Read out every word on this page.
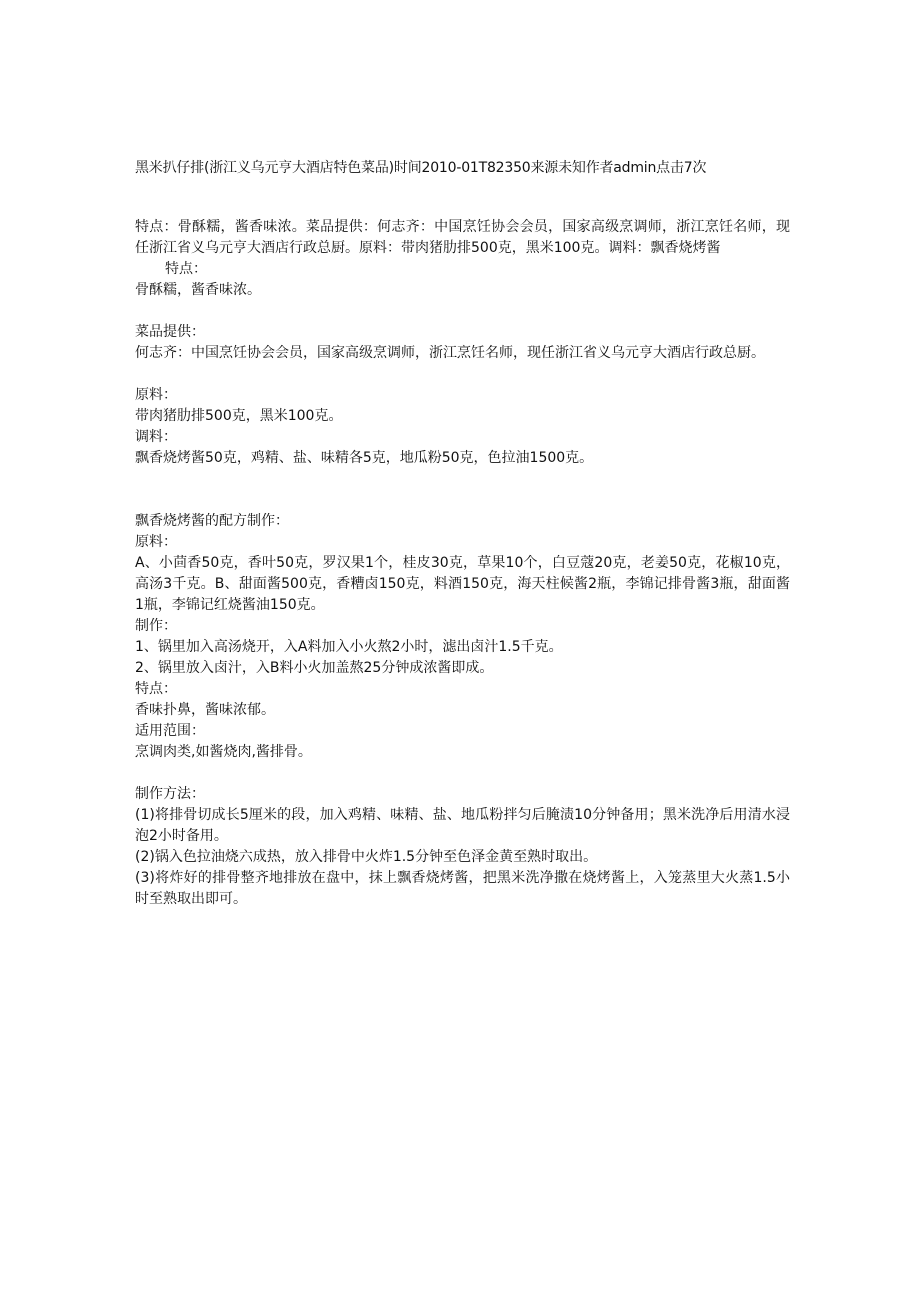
黑米扒仔排(浙江义乌元亨大酒店特色菜品)时间2010-01T82350来源未知作者admin点击7次

特点：骨酥糯，酱香味浓。菜品提供：何志齐：中国烹饪协会会员，国家高级烹调师，浙江烹饪名师，现任浙江省义乌元亨大酒店行政总厨。原料：带肉猪肋排500克，黑米100克。调料：飘香烧烤酱

特点：

骨酥糯，酱香味浓。

菜品提供：

何志齐：中国烹饪协会会员，国家高级烹调师，浙江烹饪名师，现任浙江省义乌元亨大酒店行政总厨。

原料：

带肉猪肋排500克，黑米100克。

调料：

飘香烧烤酱50克，鸡精、盐、味精各5克，地瓜粉50克，色拉油1500克。

飘香烧烤酱的配方制作：

原料：

A、小茴香50克，香叶50克，罗汉果1个，桂皮30克，草果10个，白豆蔻20克，老姜50克，花椒10克，高汤3千克。B、甜面酱500克，香糟卤150克，料酒150克，海天柱候酱2瓶，李锦记排骨酱3瓶，甜面酱1瓶，李锦记红烧酱油150克。

制作：

1、锅里加入高汤烧开，入A料加入小火熬2小时，滤出卤汁1.5千克。

2、锅里放入卤汁，入B料小火加盖熬25分钟成浓酱即成。

特点：

香味扑鼻，酱味浓郁。

适用范围：

烹调肉类,如酱烧肉,酱排骨。

制作方法：

(1)将排骨切成长5厘米的段，加入鸡精、味精、盐、地瓜粉拌匀后腌渍10分钟备用；黑米洗净后用清水浸泡2小时备用。

(2)锅入色拉油烧六成热，放入排骨中火炸1.5分钟至色泽金黄至熟时取出。

(3)将炸好的排骨整齐地排放在盘中，抹上飘香烧烤酱，把黑米洗净撒在烧烤酱上，入笼蒸里大火蒸1.5小时至熟取出即可。
